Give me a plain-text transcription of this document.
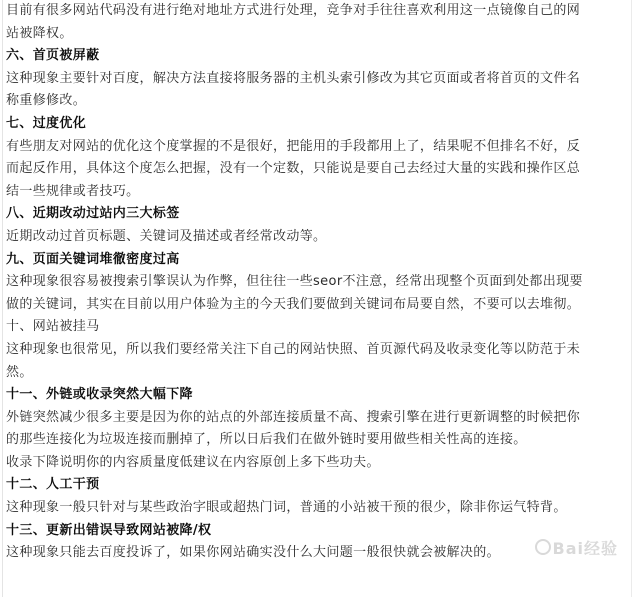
目前有很多网站代码没有进行绝对地址方式进行处理，竞争对手往往喜欢利用这一点镜像自己的网
站被降权。

六、首页被屏蔽

这种现象主要针对百度，解决方法直接将服务器的主机头索引修改为其它页面或者将首页的文件名
称重修修改。

七、过度优化

有些朋友对网站的优化这个度掌握的不是很好，把能用的手段都用上了，结果呢不但排名不好，反
而起反作用，具体这个度怎么把握，没有一个定数，只能说是要自己去经过大量的实践和操作区总
结一些规律或者技巧。

八、近期改动过站内三大标签

近期改动过首页标题、关键词及描述或者经常改动等。

九、页面关键词堆徹密度过高

这种现象很容易被搜索引擎误认为作弊，但往往一些seor不注意，经常出现整个页面到处都出现要
做的关键词，其实在目前以用户体验为主的今天我们要做到关键词布局要自然，不要可以去堆彻。

十、网站被挂马

这种现象也很常见，所以我们要经常关注下自己的网站快照、首页源代码及收录变化等以防范于未
然。

十一、外链或收录突然大幅下降

外链突然减少很多主要是因为你的站点的外部连接质量不高、搜索引擎在进行更新调整的时候把你
的那些连接化为垃圾连接而删掉了，所以日后我们在做外链时要用做些相关性高的连接。
收录下降说明你的内容质量度低建议在内容原创上多下些功夫。

十二、人工干预

这种现象一般只针对与某些政治字眼或超热门词，普通的小站被干预的很少，除非你运气特背。

十三、更新出错误导致网站被降/权

这种现象只能去百度投诉了，如果你网站确实没什么大问题一般很快就会被解决的。	Bai经验
